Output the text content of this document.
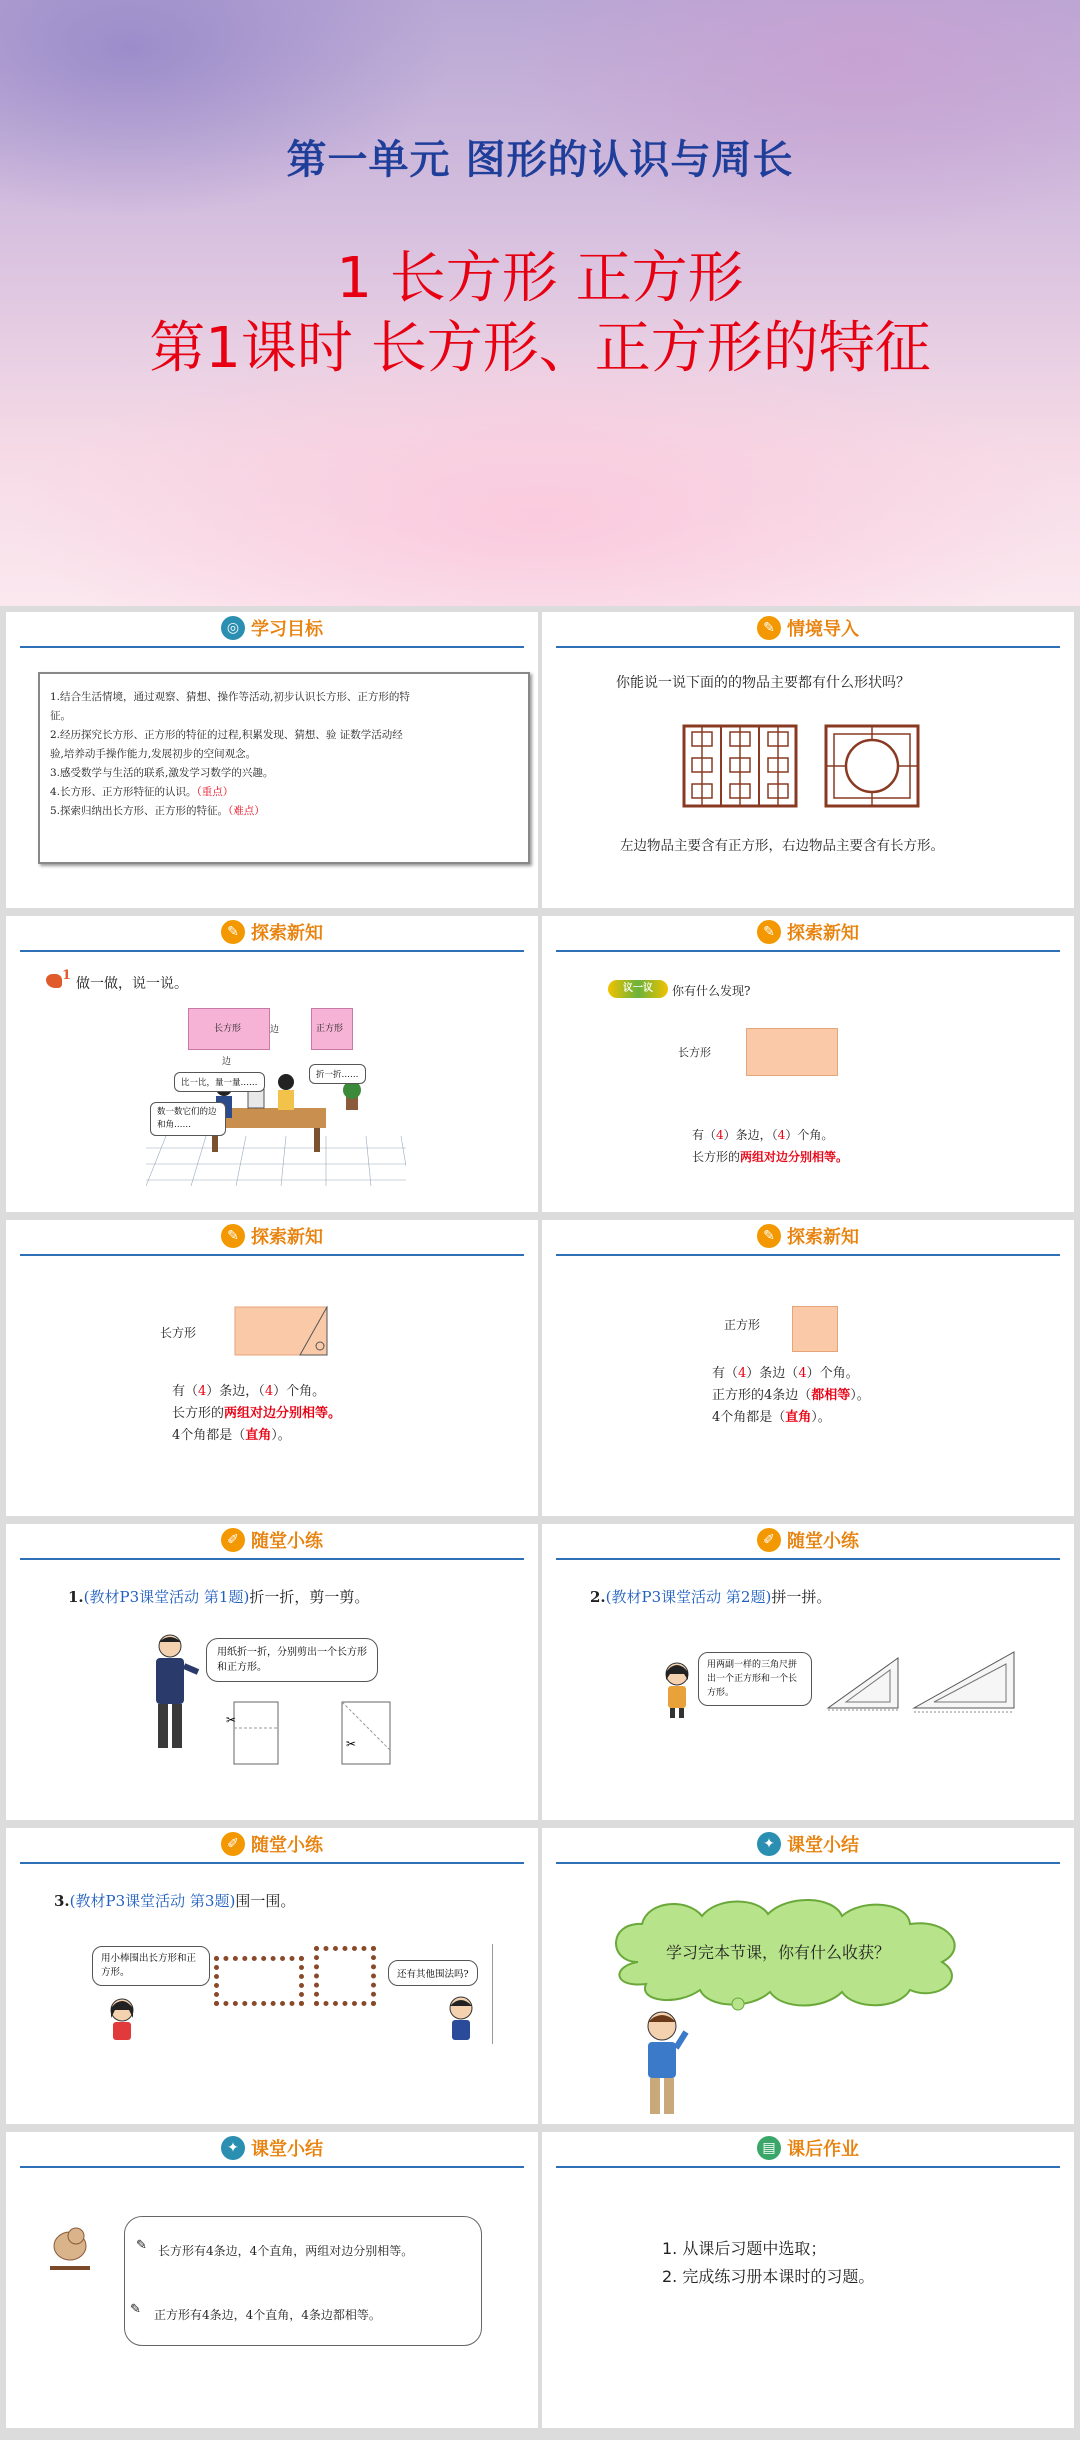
第一单元 图形的认识与周长
1 长方形 正方形
第1课时 长方形、正方形的特征
◎ 学习目标
1.结合生活情境，通过观察、猜想、操作等活动,初步认识长方形、正方形的特
征。
2.经历探究长方形、正方形的特征的过程,积累发现、猜想、验 证数学活动经
验,培养动手操作能力,发展初步的空间观念。
3.感受数学与生活的联系,激发学习数学的兴趣。
4.长方形、正方形特征的认识。（重点）
5.探索归纳出长方形、正方形的特征。（难点）
✎ 情境导入
你能说一说下面的的物品主要都有什么形状吗？
左边物品主要含有正方形，右边物品主要含有长方形。
✎ 探索新知
1
做一做，说一说。
长方形	边
边
正方形
比一比，量一量……
折一折……
数一数它们的边和角……
✎ 探索新知
议一议	你有什么发现?
长方形
有（4）条边，（4）个角。
长方形的两组对边分别相等。
✎ 探索新知
长方形
有（4）条边，（4）个角。
长方形的两组对边分别相等。
4个角都是（直角）。
✎ 探索新知
正方形
有（4）条边（4）个角。
正方形的4条边（都相等）。
4个角都是（直角）。
✐ 随堂小练
1.(教材P3课堂活动 第1题)折一折，剪一剪。
用纸折一折，分别剪出一个长方形和正方形。
✂
✂
✐ 随堂小练
2.(教材P3课堂活动 第2题)拼一拼。
用两副一样的三角尺拼出一个正方形和一个长方形。
✐ 随堂小练
3.(教材P3课堂活动 第3题)围一围。
用小棒围出长方形和正方形。	还有其他围法吗?
✦ 课堂小结
学习完本节课，你有什么收获？
✦ 课堂小结
✎ 长方形有4条边，4个直角，两组对边分别相等。
✎ 正方形有4条边，4个直角，4条边都相等。
▤ 课后作业
1. 从课后习题中选取；
2. 完成练习册本课时的习题。
